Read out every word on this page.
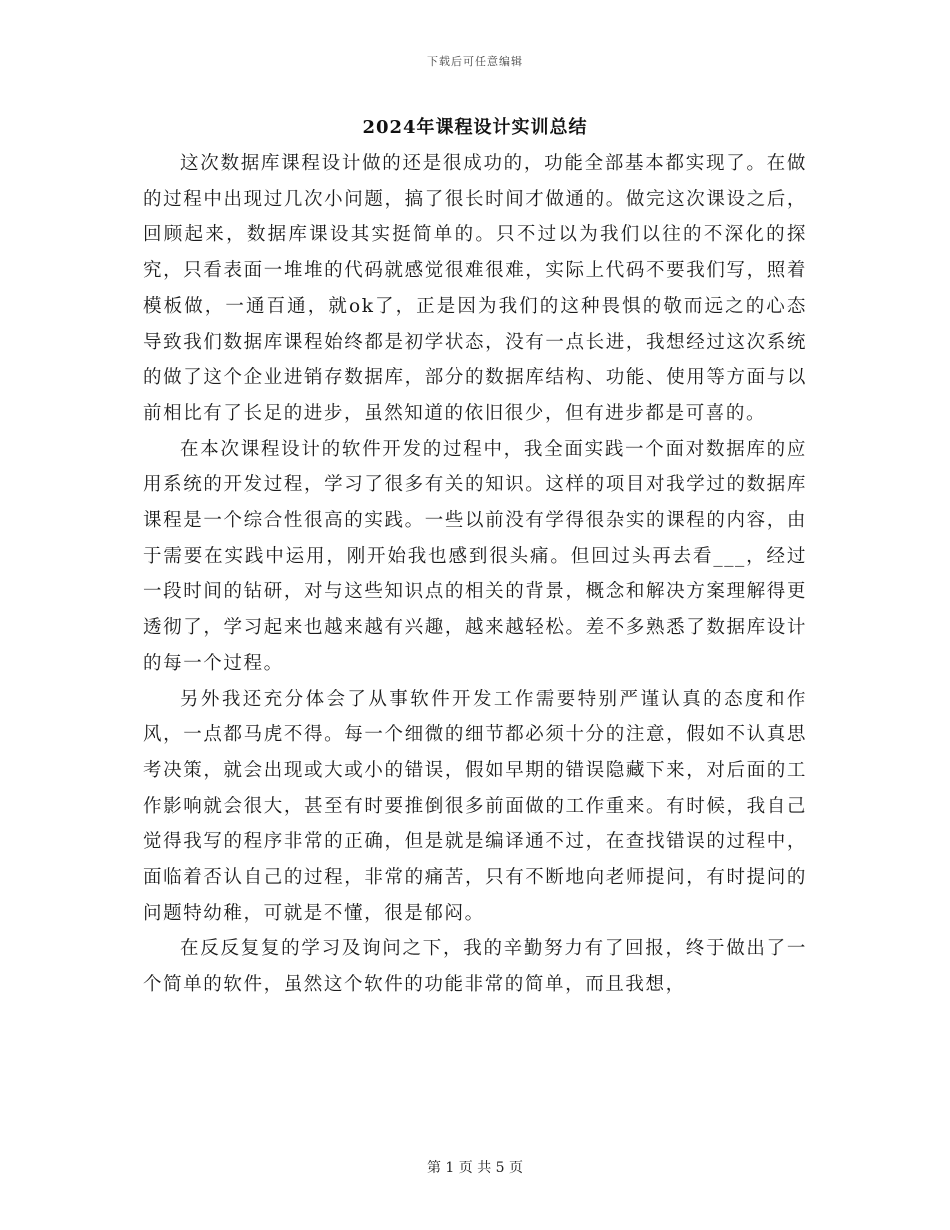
下载后可任意编辑
2024年课程设计实训总结

这次数据库课程设计做的还是很成功的，功能全部基本都实现了。在做的过程中出现过几次小问题，搞了很长时间才做通的。做完这次课设之后，回顾起来，数据库课设其实挺简单的。只不过以为我们以往的不深化的探究，只看表面一堆堆的代码就感觉很难很难，实际上代码不要我们写，照着模板做，一通百通，就ok了，正是因为我们的这种畏惧的敬而远之的心态导致我们数据库课程始终都是初学状态，没有一点长进，我想经过这次系统的做了这个企业进销存数据库，部分的数据库结构、功能、使用等方面与以前相比有了长足的进步，虽然知道的依旧很少，但有进步都是可喜的。

在本次课程设计的软件开发的过程中，我全面实践一个面对数据库的应用系统的开发过程，学习了很多有关的知识。这样的项目对我学过的数据库课程是一个综合性很高的实践。一些以前没有学得很杂实的课程的内容，由于需要在实践中运用，刚开始我也感到很头痛。但回过头再去看___，经过一段时间的钻研，对与这些知识点的相关的背景，概念和解决方案理解得更透彻了，学习起来也越来越有兴趣，越来越轻松。差不多熟悉了数据库设计的每一个过程。

另外我还充分体会了从事软件开发工作需要特别严谨认真的态度和作风，一点都马虎不得。每一个细微的细节都必须十分的注意，假如不认真思考决策，就会出现或大或小的错误，假如早期的错误隐藏下来，对后面的工作影响就会很大，甚至有时要推倒很多前面做的工作重来。有时候，我自己觉得我写的程序非常的正确，但是就是编译通不过，在查找错误的过程中，面临着否认自己的过程，非常的痛苦，只有不断地向老师提问，有时提问的问题特幼稚，可就是不懂，很是郁闷。

在反反复复的学习及询问之下，我的辛勤努力有了回报，终于做出了一个简单的软件，虽然这个软件的功能非常的简单，而且我想，

第 1 页 共 5 页
